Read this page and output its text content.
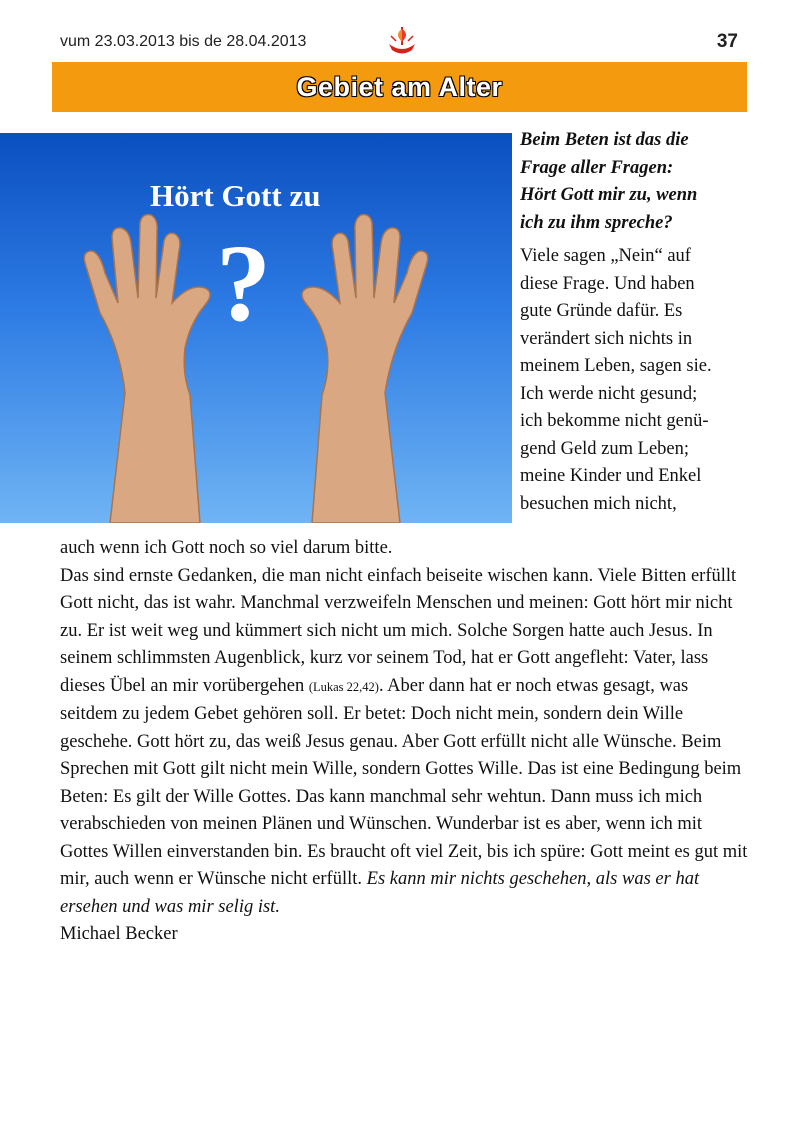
vum 23.03.2013 bis de 28.04.2013	37
Gebiet am Alter
Hört Gott zu
?

Beim Beten ist das die
Frage aller Fragen:
Hört Gott mir zu, wenn
ich zu ihm spreche?

Viele sagen „Nein“ auf
diese Frage. Und haben
gute Gründe dafür. Es
verändert sich nichts in
meinem Leben, sagen sie.
Ich werde nicht gesund;
ich bekomme nicht genü-
gend Geld zum Leben;
meine Kinder und Enkel
besuchen mich nicht,

auch wenn ich Gott noch so viel darum bitte.

Das sind ernste Gedanken, die man nicht einfach beiseite wischen kann. Viele Bitten erfüllt Gott nicht, das ist wahr. Manchmal verzweifeln Menschen und meinen: Gott hört mir nicht zu. Er ist weit weg und kümmert sich nicht um mich. Solche Sorgen hatte auch Jesus. In seinem schlimmsten Augenblick, kurz vor seinem Tod, hat er Gott angefleht: Vater, lass dieses Übel an mir vorübergehen (Lukas 22,42). Aber dann hat er noch etwas gesagt, was seitdem zu jedem Gebet gehören soll. Er betet: Doch nicht mein, sondern dein Wille geschehe. Gott hört zu, das weiß Jesus genau. Aber Gott erfüllt nicht alle Wünsche. Beim Sprechen mit Gott gilt nicht mein Wille, sondern Gottes Wille. Das ist eine Bedingung beim Beten: Es gilt der Wille Gottes. Das kann manchmal sehr wehtun. Dann muss ich mich verabschieden von meinen Plänen und Wünschen. Wunderbar ist es aber, wenn ich mit Gottes Willen einverstanden bin. Es braucht oft viel Zeit, bis ich spüre: Gott meint es gut mit mir, auch wenn er Wünsche nicht erfüllt. Es kann mir nichts geschehen, als was er hat ersehen und was mir selig ist.

Michael Becker
